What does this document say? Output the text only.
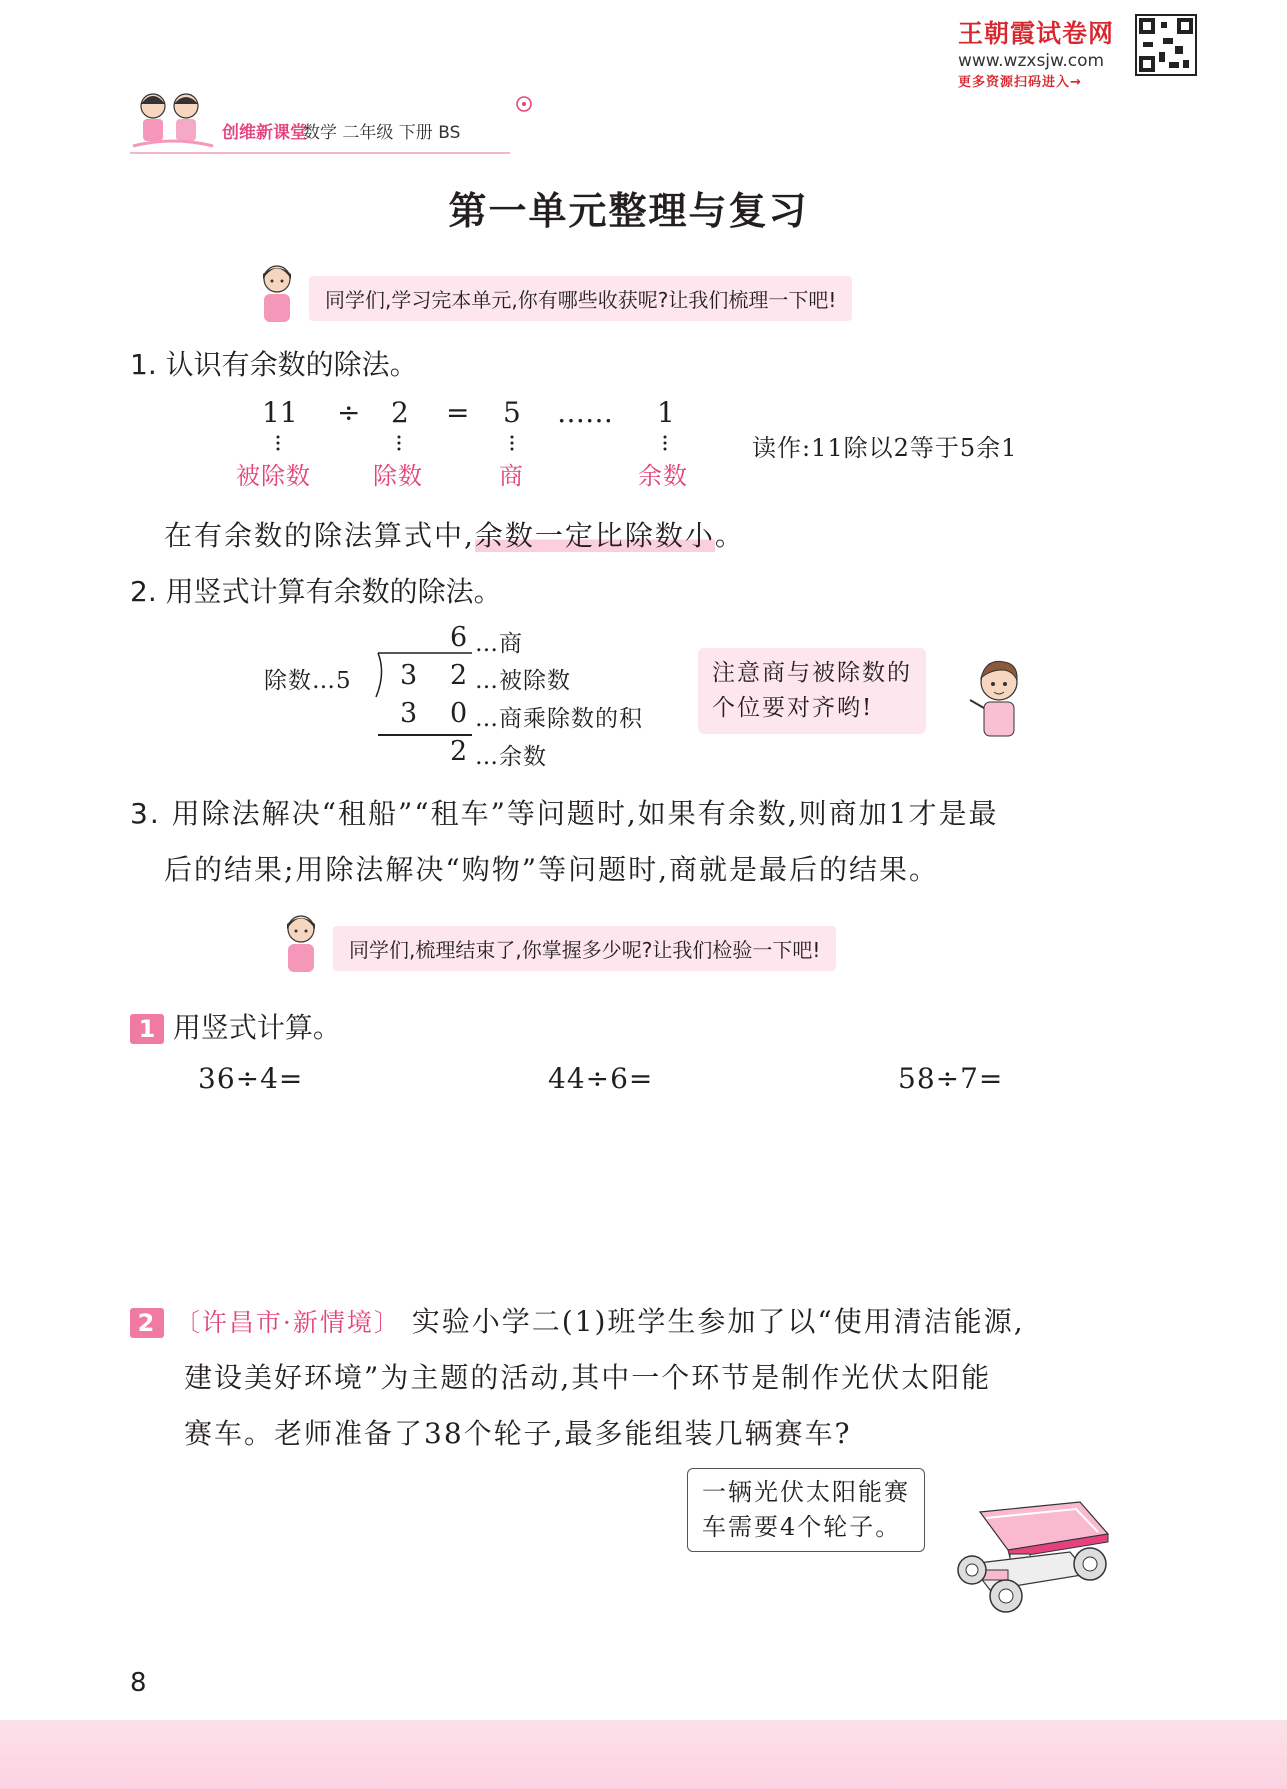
王朝霞试卷网
www.wzxsjw.com
更多资源扫码进入→
创维新课堂
数学 二年级 下册 BS
第一单元整理与复习
同学们,学习完本单元,你有哪些收获呢?让我们梳理一下吧!
1. 认识有余数的除法。
11 ÷ 2 = 5 …… 1
被除数	除数	商	余数
读作:11除以2等于5余1
在有余数的除法算式中,余数一定比除数小。
2. 用竖式计算有余数的除法。
6 …商
除数…5 3 2 …被除数
3 0 …商乘除数的积
2 …余数
注意商与被除数的
个位要对齐哟!
3. 用除法解决“租船”“租车”等问题时,如果有余数,则商加1才是最
后的结果;用除法解决“购物”等问题时,商就是最后的结果。
同学们,梳理结束了,你掌握多少呢?让我们检验一下吧!
1 用竖式计算。
36÷4=	44÷6=	58÷7=
2 〔许昌市·新情境〕 实验小学二(1)班学生参加了以“使用清洁能源,
建设美好环境”为主题的活动,其中一个环节是制作光伏太阳能
赛车。老师准备了38个轮子,最多能组装几辆赛车?
一辆光伏太阳能赛
车需要4个轮子。
8
